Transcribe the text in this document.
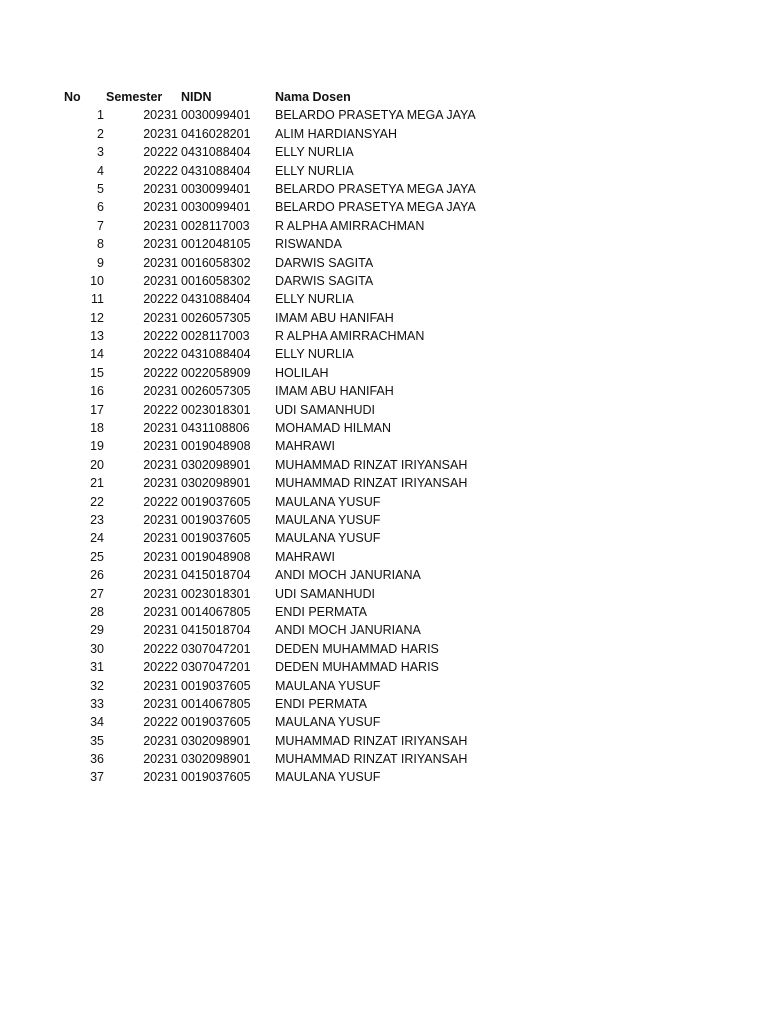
No	Semester	NIDN	Nama Dosen
1	20231 0030099401	BELARDO PRASETYA MEGA JAYA
2	20231 0416028201	ALIM HARDIANSYAH
3	20222 0431088404	ELLY NURLIA
4	20222 0431088404	ELLY NURLIA
5	20231 0030099401	BELARDO PRASETYA MEGA JAYA
6	20231 0030099401	BELARDO PRASETYA MEGA JAYA
7	20231 0028117003	R ALPHA AMIRRACHMAN
8	20231 0012048105	RISWANDA
9	20231 0016058302	DARWIS SAGITA
10	20231 0016058302	DARWIS SAGITA
11	20222 0431088404	ELLY NURLIA
12	20231 0026057305	IMAM ABU HANIFAH
13	20222 0028117003	R ALPHA AMIRRACHMAN
14	20222 0431088404	ELLY NURLIA
15	20222 0022058909	HOLILAH
16	20231 0026057305	IMAM ABU HANIFAH
17	20222 0023018301	UDI SAMANHUDI
18	20231 0431108806	MOHAMAD HILMAN
19	20231 0019048908	MAHRAWI
20	20231 0302098901	MUHAMMAD RINZAT IRIYANSAH
21	20231 0302098901	MUHAMMAD RINZAT IRIYANSAH
22	20222 0019037605	MAULANA YUSUF
23	20231 0019037605	MAULANA YUSUF
24	20231 0019037605	MAULANA YUSUF
25	20231 0019048908	MAHRAWI
26	20231 0415018704	ANDI MOCH JANURIANA
27	20231 0023018301	UDI SAMANHUDI
28	20231 0014067805	ENDI PERMATA
29	20231 0415018704	ANDI MOCH JANURIANA
30	20222 0307047201	DEDEN MUHAMMAD HARIS
31	20222 0307047201	DEDEN MUHAMMAD HARIS
32	20231 0019037605	MAULANA YUSUF
33	20231 0014067805	ENDI PERMATA
34	20222 0019037605	MAULANA YUSUF
35	20231 0302098901	MUHAMMAD RINZAT IRIYANSAH
36	20231 0302098901	MUHAMMAD RINZAT IRIYANSAH
37	20231 0019037605	MAULANA YUSUF
